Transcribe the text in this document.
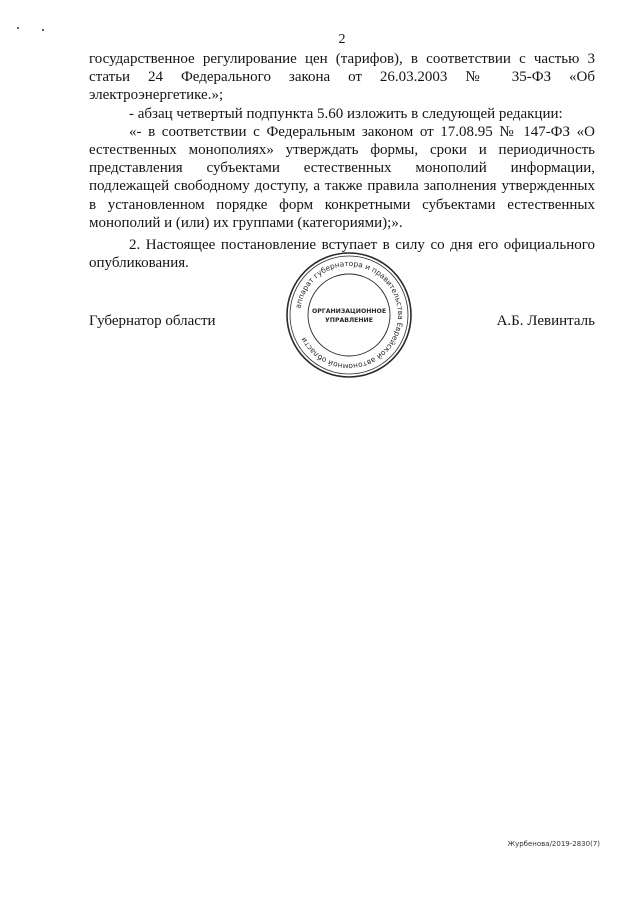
2

государственное регулирование цен (тарифов), в соответствии с частью 3 статьи 24 Федерального закона от 26.03.2003 № 35-ФЗ «Об электроэнергетике.»;

- абзац четвертый подпункта 5.60 изложить в следующей редакции:

«- в соответствии с Федеральным законом от 17.08.95 № 147-ФЗ «О естественных монополиях» утверждать формы, сроки и периодичность представления субъектами естественных монополий информации, подлежащей свободному доступу, а также правила заполнения утвержденных в установленном порядке форм конкретными субъектами естественных монополий и (или) их группами (категориями);».

2. Настоящее постановление вступает в силу со дня его официального опубликования.

Губернатор области	А.Б. Левинталь
аппарат губернатора и правительства Еврейской автономной области
ОРГАНИЗАЦИОННОЕ
УПРАВЛЕНИЕ
Журбенова/2019-2830(7)
